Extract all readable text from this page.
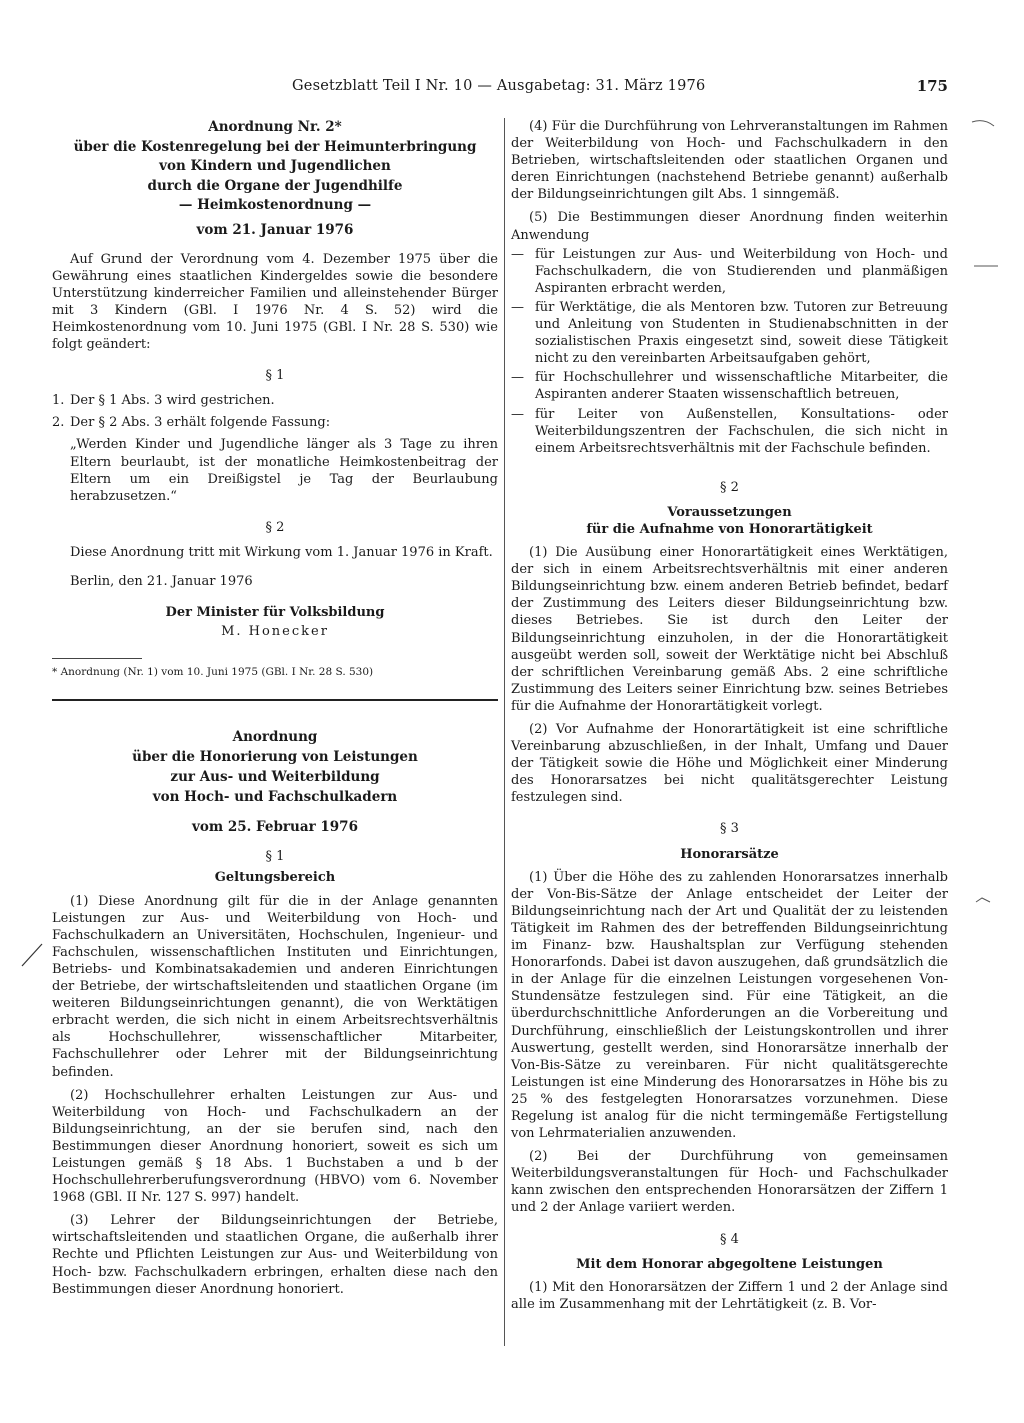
Gesetzblatt Teil I Nr. 10 — Ausgabetag: 31. März 1976	175

Anordnung Nr. 2*

über die Kostenregelung bei der Heimunterbringung

von Kindern und Jugendlichen

durch die Organe der Jugendhilfe

— Heimkostenordnung —

vom 21. Januar 1976

Auf Grund der Verordnung vom 4. Dezember 1975 über die Gewährung eines staatlichen Kindergeldes sowie die besondere Unterstützung kinderreicher Familien und alleinstehender Bürger mit 3 Kindern (GBl. I 1976 Nr. 4 S. 52) wird die Heimkostenordnung vom 10. Juni 1975 (GBl. I Nr. 28 S. 530) wie folgt geändert:

§ 1

1. Der § 1 Abs. 3 wird gestrichen.
2. Der § 2 Abs. 3 erhält folgende Fassung:

„Werden Kinder und Jugendliche länger als 3 Tage zu ihren Eltern beurlaubt, ist der monatliche Heimkostenbeitrag der Eltern um ein Dreißigstel je Tag der Beurlaubung herabzusetzen.“

§ 2

Diese Anordnung tritt mit Wirkung vom 1. Januar 1976 in Kraft.

Berlin, den 21. Januar 1976

Der Minister für Volksbildung

M. Honecker

* Anordnung (Nr. 1) vom 10. Juni 1975 (GBl. I Nr. 28 S. 530)

Anordnung

über die Honorierung von Leistungen

zur Aus- und Weiterbildung

von Hoch- und Fachschulkadern

vom 25. Februar 1976

§ 1

Geltungsbereich

(1) Diese Anordnung gilt für die in der Anlage genannten Leistungen zur Aus- und Weiterbildung von Hoch- und Fachschulkadern an Universitäten, Hochschulen, Ingenieur- und Fachschulen, wissenschaftlichen Instituten und Einrichtungen, Betriebs- und Kombinatsakademien und anderen Einrichtungen der Betriebe, der wirtschaftsleitenden und staatlichen Organe (im weiteren Bildungseinrichtungen genannt), die von Werktätigen erbracht werden, die sich nicht in einem Arbeitsrechtsverhältnis als Hochschullehrer, wissenschaftlicher Mitarbeiter, Fachschullehrer oder Lehrer mit der Bildungseinrichtung befinden.

(2) Hochschullehrer erhalten Leistungen zur Aus- und Weiterbildung von Hoch- und Fachschulkadern an der Bildungseinrichtung, an der sie berufen sind, nach den Bestimmungen dieser Anordnung honoriert, soweit es sich um Leistungen gemäß § 18 Abs. 1 Buchstaben a und b der Hochschullehrerberufungsverordnung (HBVO) vom 6. November 1968 (GBl. II Nr. 127 S. 997) handelt.

(3) Lehrer der Bildungseinrichtungen der Betriebe, wirtschaftsleitenden und staatlichen Organe, die außerhalb ihrer Rechte und Pflichten Leistungen zur Aus- und Weiterbildung von Hoch- bzw. Fachschulkadern erbringen, erhalten diese nach den Bestimmungen dieser Anordnung honoriert.

(4) Für die Durchführung von Lehrveranstaltungen im Rahmen der Weiterbildung von Hoch- und Fachschulkadern in den Betrieben, wirtschaftsleitenden oder staatlichen Organen und deren Einrichtungen (nachstehend Betriebe genannt) außerhalb der Bildungseinrichtungen gilt Abs. 1 sinngemäß.

(5) Die Bestimmungen dieser Anordnung finden weiterhin Anwendung

— für Leistungen zur Aus- und Weiterbildung von Hoch- und Fachschulkadern, die von Studierenden und planmäßigen Aspiranten erbracht werden,
— für Werktätige, die als Mentoren bzw. Tutoren zur Betreuung und Anleitung von Studenten in Studienabschnitten in der sozialistischen Praxis eingesetzt sind, soweit diese Tätigkeit nicht zu den vereinbarten Arbeitsaufgaben gehört,
— für Hochschullehrer und wissenschaftliche Mitarbeiter, die Aspiranten anderer Staaten wissenschaftlich betreuen,
— für Leiter von Außenstellen, Konsultations- oder Weiterbildungszentren der Fachschulen, die sich nicht in einem Arbeitsrechtsverhältnis mit der Fachschule befinden.

§ 2

Voraussetzungen

für die Aufnahme von Honorartätigkeit

(1) Die Ausübung einer Honorartätigkeit eines Werktätigen, der sich in einem Arbeitsrechtsverhältnis mit einer anderen Bildungseinrichtung bzw. einem anderen Betrieb befindet, bedarf der Zustimmung des Leiters dieser Bildungseinrichtung bzw. dieses Betriebes. Sie ist durch den Leiter der Bildungseinrichtung einzuholen, in der die Honorartätigkeit ausgeübt werden soll, soweit der Werktätige nicht bei Abschluß der schriftlichen Vereinbarung gemäß Abs. 2 eine schriftliche Zustimmung des Leiters seiner Einrichtung bzw. seines Betriebes für die Aufnahme der Honorartätigkeit vorlegt.

(2) Vor Aufnahme der Honorartätigkeit ist eine schriftliche Vereinbarung abzuschließen, in der Inhalt, Umfang und Dauer der Tätigkeit sowie die Höhe und Möglichkeit einer Minderung des Honorarsatzes bei nicht qualitätsgerechter Leistung festzulegen sind.

§ 3

Honorarsätze

(1) Über die Höhe des zu zahlenden Honorarsatzes innerhalb der Von-Bis-Sätze der Anlage entscheidet der Leiter der Bildungseinrichtung nach der Art und Qualität der zu leistenden Tätigkeit im Rahmen des der betreffenden Bildungseinrichtung im Finanz- bzw. Haushaltsplan zur Verfügung stehenden Honorarfonds. Dabei ist davon auszugehen, daß grundsätzlich die in der Anlage für die einzelnen Leistungen vorgesehenen Von-Stundensätze festzulegen sind. Für eine Tätigkeit, an die überdurchschnittliche Anforderungen an die Vorbereitung und Durchführung, einschließlich der Leistungskontrollen und ihrer Auswertung, gestellt werden, sind Honorarsätze innerhalb der Von-Bis-Sätze zu vereinbaren. Für nicht qualitätsgerechte Leistungen ist eine Minderung des Honorarsatzes in Höhe bis zu 25 % des festgelegten Honorarsatzes vorzunehmen. Diese Regelung ist analog für die nicht termingemäße Fertigstellung von Lehrmaterialien anzuwenden.

(2) Bei der Durchführung von gemeinsamen Weiterbildungsveranstaltungen für Hoch- und Fachschulkader kann zwischen den entsprechenden Honorarsätzen der Ziffern 1 und 2 der Anlage variiert werden.

§ 4

Mit dem Honorar abgegoltene Leistungen

(1) Mit den Honorarsätzen der Ziffern 1 und 2 der Anlage sind alle im Zusammenhang mit der Lehrtätigkeit (z. B. Vor-
